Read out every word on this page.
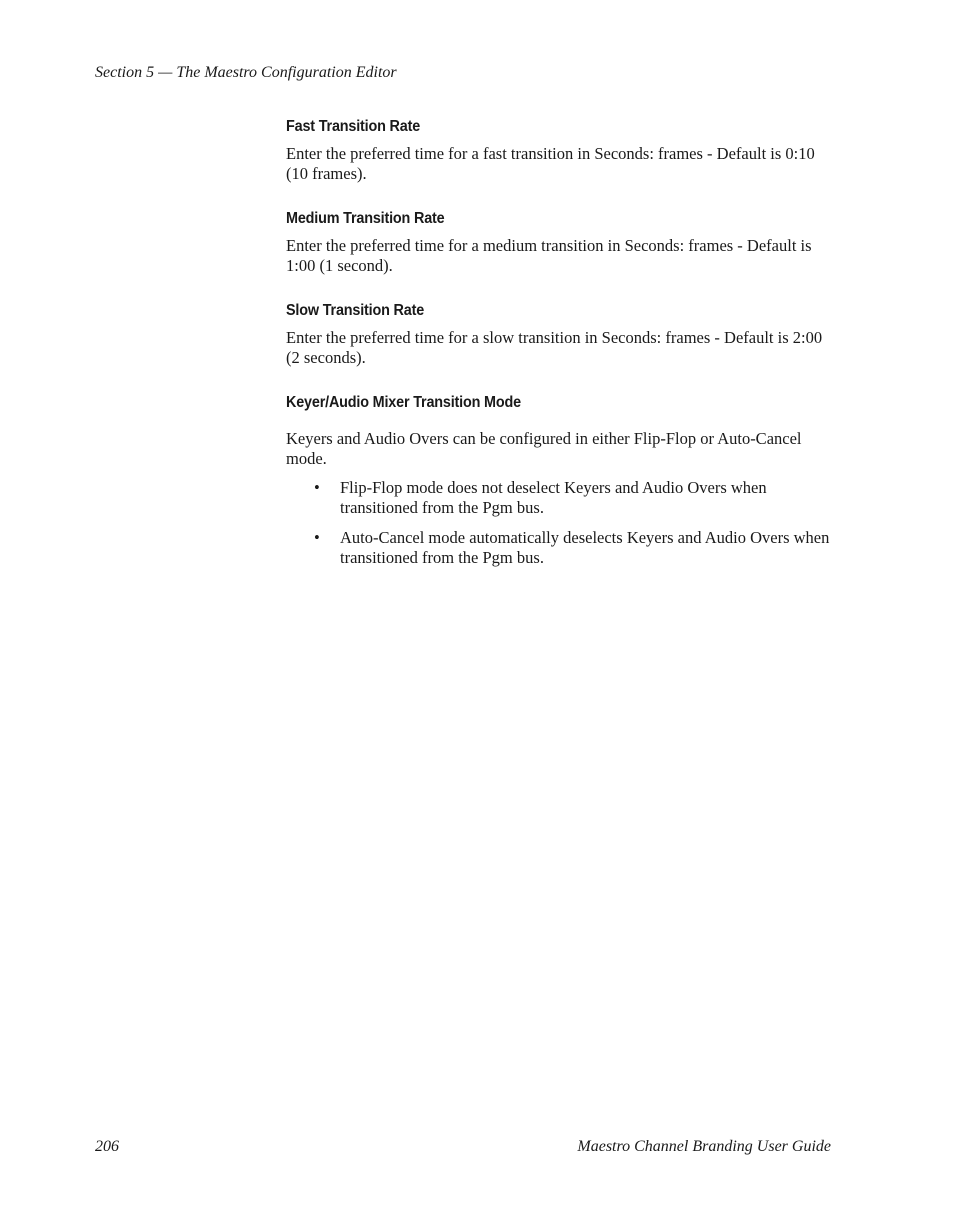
Section 5 — The Maestro Configuration Editor
Fast Transition Rate

Enter the preferred time for a fast transition in Seconds: frames - Default is 0:10 (10 frames).

Medium Transition Rate

Enter the preferred time for a medium transition in Seconds: frames - Default is 1:00 (1 second).

Slow Transition Rate

Enter the preferred time for a slow transition in Seconds: frames - Default is 2:00 (2 seconds).

Keyer/Audio Mixer Transition Mode

Keyers and Audio Overs can be configured in either Flip-Flop or Auto-Cancel mode.

• Flip-Flop mode does not deselect Keyers and Audio Overs when transitioned from the Pgm bus.
• Auto-Cancel mode automatically deselects Keyers and Audio Overs when transitioned from the Pgm bus.
206	Maestro Channel Branding User Guide
